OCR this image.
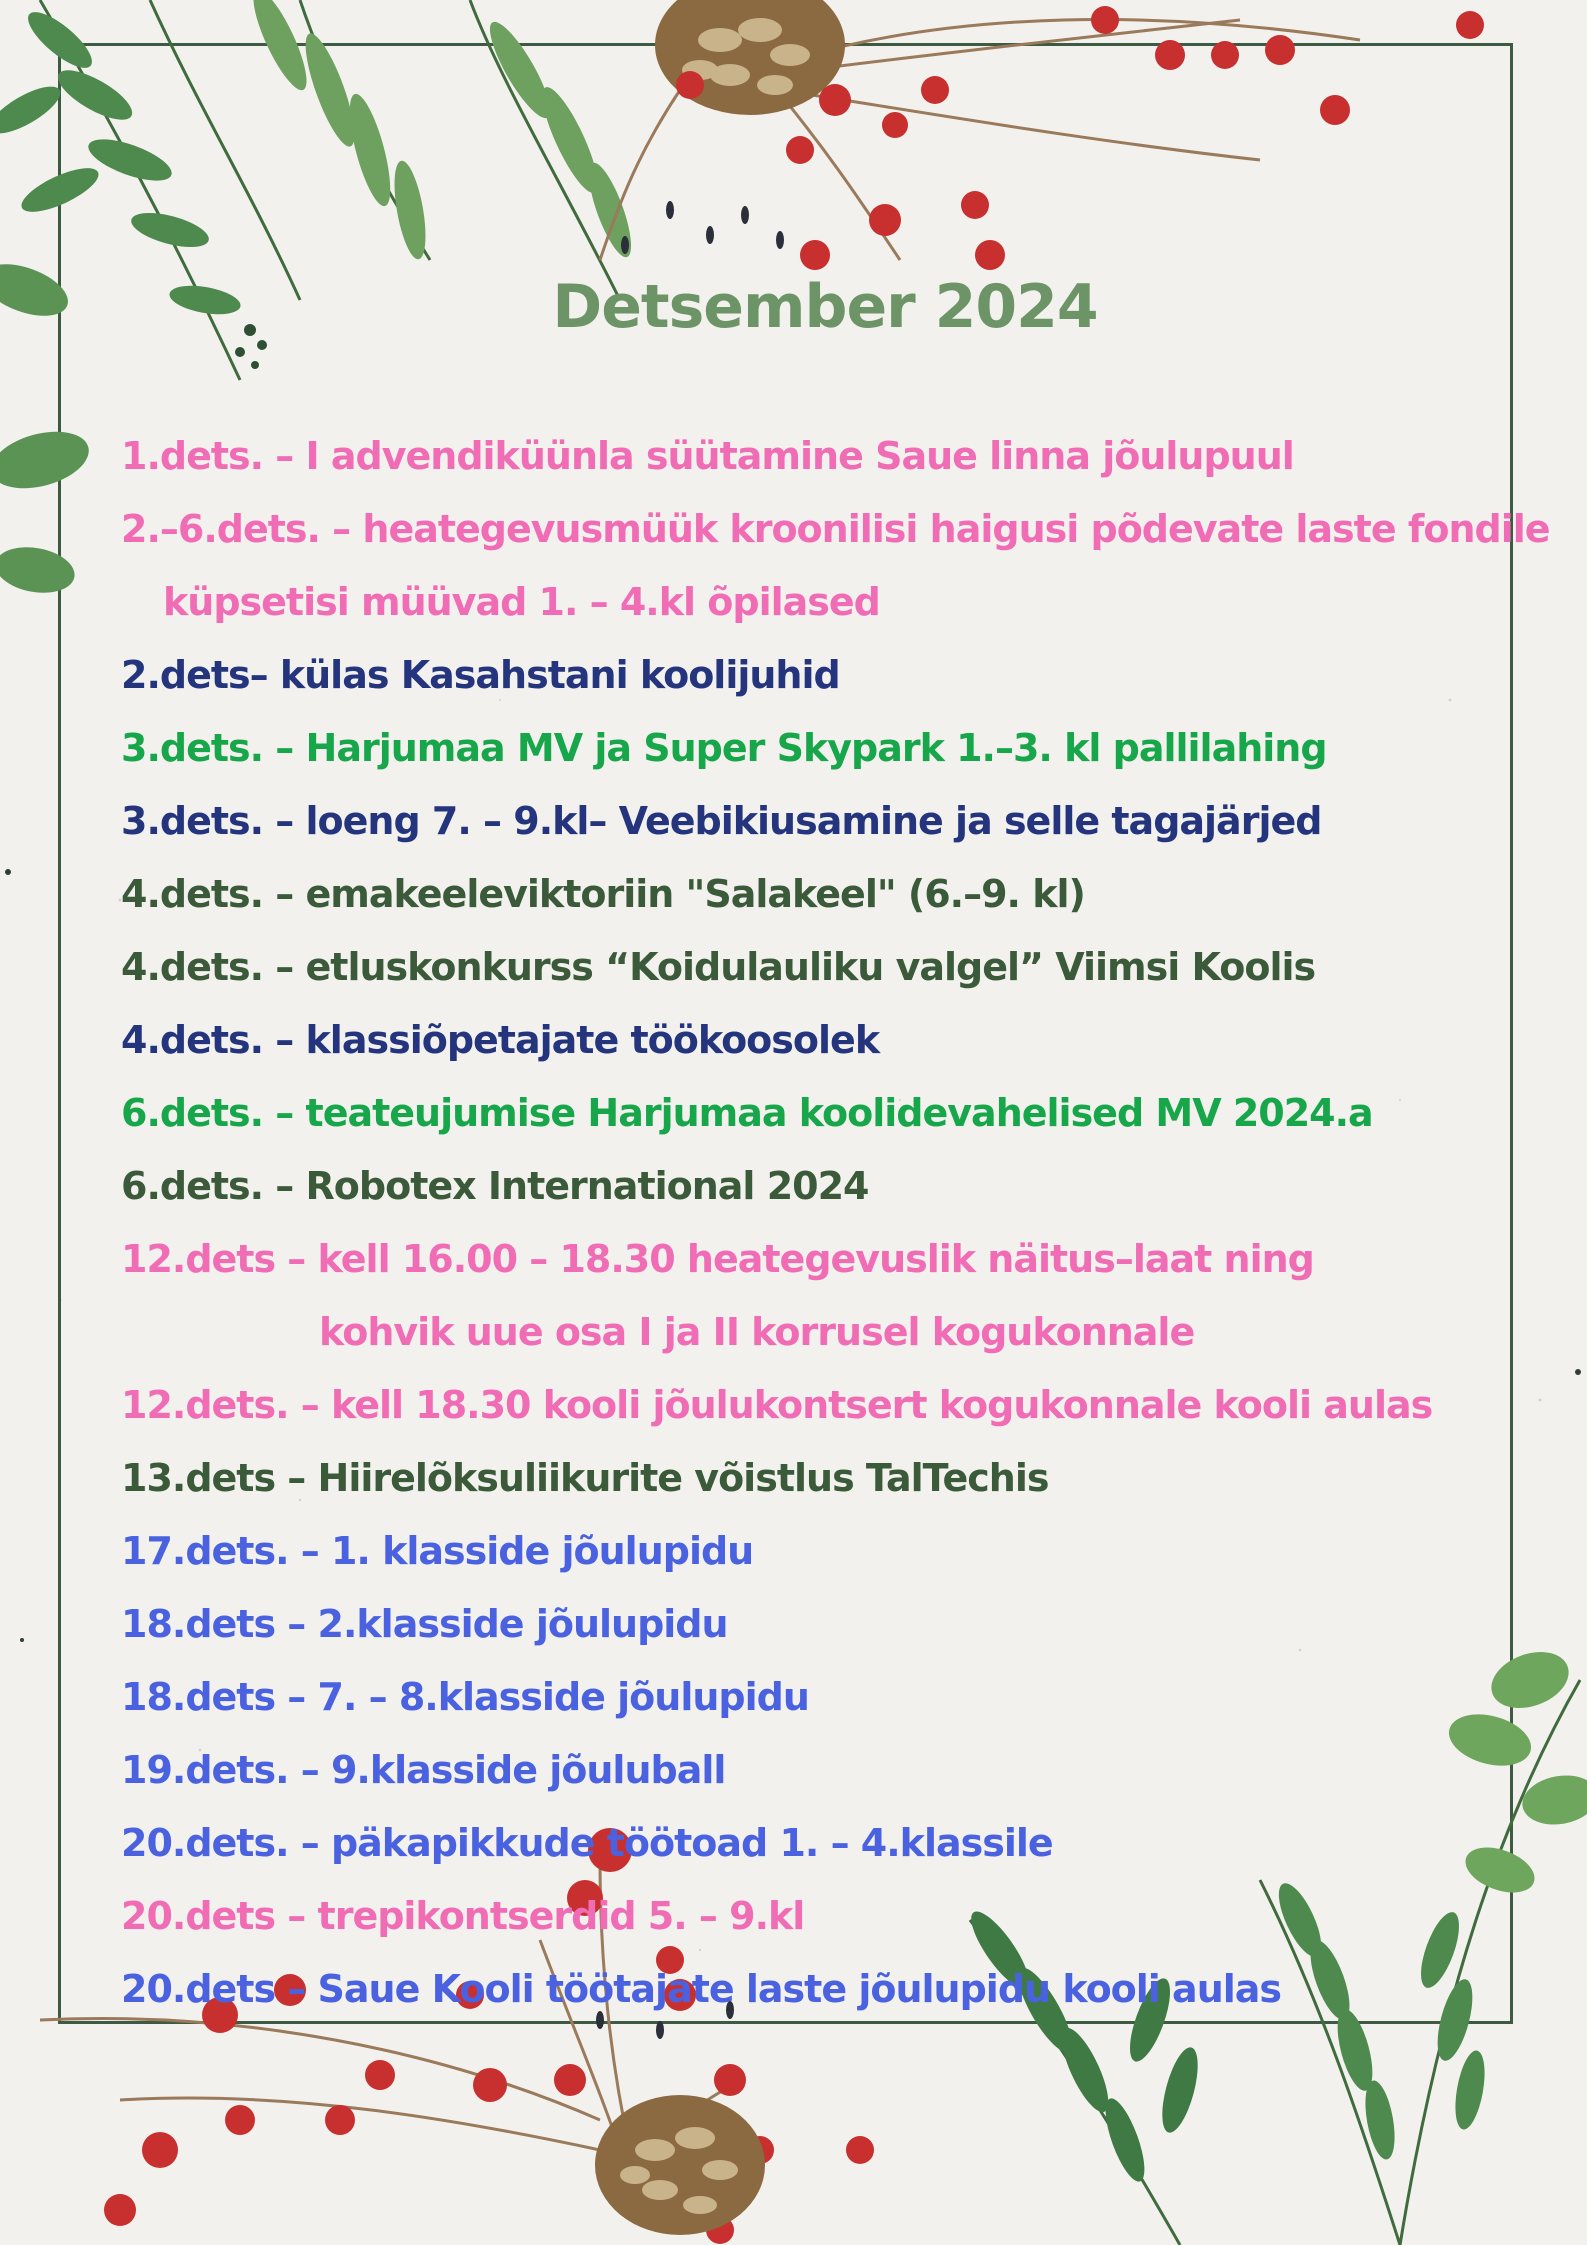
Detsember 2024
1.dets. – I advendiküünla süütamine Saue linna jõulupuul
2.–6.dets. – heategevusmüük kroonilisi haigusi põdevate laste fondile
küpsetisi müüvad 1. – 4.kl õpilased
2.dets– külas Kasahstani koolijuhid
3.dets. – Harjumaa MV ja Super Skypark 1.–3. kl pallilahing
3.dets. – loeng 7. – 9.kl– Veebikiusamine ja selle tagajärjed
4.dets. – emakeeleviktoriin "Salakeel" (6.–9. kl)
4.dets. – etluskonkurss “Koidulauliku valgel” Viimsi Koolis
4.dets. – klassiõpetajate töökoosolek
6.dets. – teateujumise Harjumaa koolidevahelised MV 2024.a
6.dets. – Robotex International 2024
12.dets – kell 16.00 – 18.30 heategevuslik näitus–laat ning
kohvik uue osa I ja II korrusel kogukonnale
12.dets. – kell 18.30 kooli jõulukontsert kogukonnale kooli aulas
13.dets – Hiirelõksuliikurite võistlus TalTechis
17.dets. – 1. klasside jõulupidu
18.dets – 2.klasside jõulupidu
18.dets – 7. – 8.klasside jõulupidu
19.dets. – 9.klasside jõuluball
20.dets. – päkapikkude töötoad 1. – 4.klassile
20.dets – trepikontserdid 5. – 9.kl
20.dets – Saue Kooli töötajate laste jõulupidu kooli aulas
